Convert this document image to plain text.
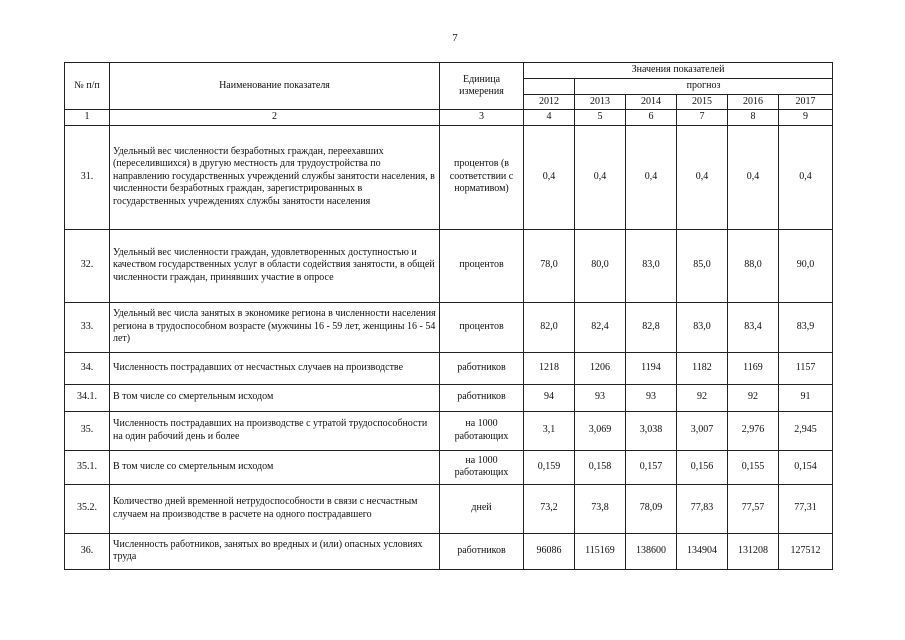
7
№ п/п	Наименование показателя	Единица измерения	Значения показателей					
				прогноз				
			2012	2013	2014	2015	2016	2017
1	2	3	4	5	6	7	8	9
31.	Удельный вес численности безработных граждан, переехавших (переселившихся) в другую местность для трудоустройства по направлению государственных учреждений службы занятости населения, в численности безработных граждан, зарегистрированных в государственных учреждениях службы занятости населения	процентов (в соответствии с нормативом)	0,4	0,4	0,4	0,4	0,4	0,4
32.	Удельный вес численности граждан, удовлетворенных доступностью и качеством государственных услуг в области содействия занятости, в общей численности граждан, принявших участие в опросе	процентов	78,0	80,0	83,0	85,0	88,0	90,0
33.	Удельный вес числа занятых в экономике региона в численности населения региона в трудоспособном возрасте (мужчины 16 - 59 лет, женщины 16 - 54 лет)	процентов	82,0	82,4	82,8	83,0	83,4	83,9
34.	Численность пострадавших от несчастных случаев на производстве	работников	1218	1206	1194	1182	1169	1157
34.1.	В том числе со смертельным исходом	работников	94	93	93	92	92	91
35.	Численность пострадавших на производстве с утратой трудоспособности на один рабочий день и более	на 1000 работающих	3,1	3,069	3,038	3,007	2,976	2,945
35.1.	В том числе со смертельным исходом	на 1000 работающих	0,159	0,158	0,157	0,156	0,155	0,154
35.2.	Количество дней временной нетрудоспособности в связи с несчастным случаем на производстве в расчете на одного пострадавшего	дней	73,2	73,8	78,09	77,83	77,57	77,31
36.	Численность работников, занятых во вредных и (или) опасных условиях труда	работников	96086	115169	138600	134904	131208	127512
